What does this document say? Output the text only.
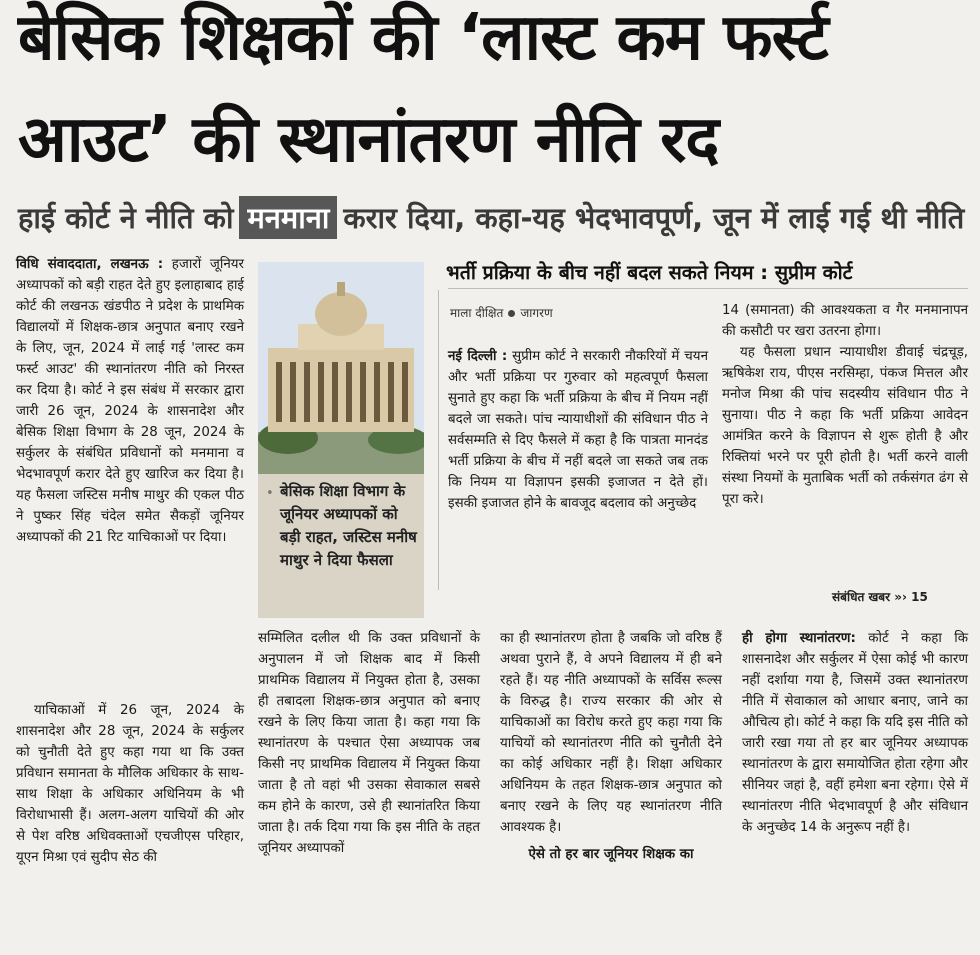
बेसिक शिक्षकों की ‘लास्ट कम फर्स्ट
आउट’ की स्थानांतरण नीति रद
हाई कोर्ट ने नीति को मनमाना करार दिया, कहा-यह भेदभावपूर्ण, जून में लाई गई थी नीति

विधि संवाददाता, लखनऊ : हजारों जूनियर अध्यापकों को बड़ी राहत देते हुए इलाहाबाद हाई कोर्ट की लखनऊ खंडपीठ ने प्रदेश के प्राथमिक विद्यालयों में शिक्षक-छात्र अनुपात बनाए रखने के लिए, जून, 2024 में लाई गई 'लास्ट कम फर्स्ट आउट' की स्थानांतरण नीति को निरस्त कर दिया है। कोर्ट ने इस संबंध में सरकार द्वारा जारी 26 जून, 2024 के शासनादेश और बेसिक शिक्षा विभाग के 28 जून, 2024 के सर्कुलर के संबंधित प्रविधानों को मनमाना व भेदभावपूर्ण करार देते हुए खारिज कर दिया है। यह फैसला जस्टिस मनीष माथुर की एकल पीठ ने पुष्कर सिंह चंदेल समेत सैकड़ों जूनियर अध्यापकों की 21 रिट याचिकाओं पर दिया।

याचिकाओं में 26 जून, 2024 के शासनादेश और 28 जून, 2024 के सर्कुलर को चुनौती देते हुए कहा गया था कि उक्त प्रविधान समानता के मौलिक अधिकार के साथ-साथ शिक्षा के अधिकार अधिनियम के भी विरोधाभासी हैं। अलग-अलग याचियों की ओर से पेश वरिष्ठ अधिवक्ताओं एचजीएस परिहार, यूएन मिश्रा एवं सुदीप सेठ की

• बेसिक शिक्षा विभाग के जूनियर अध्यापकों को बड़ी राहत, जस्टिस मनीष माथुर ने दिया फैसला
भर्ती प्रक्रिया के बीच नहीं बदल सकते नियम : सुप्रीम कोर्ट
माला दीक्षित जागरण

नई दिल्ली : सुप्रीम कोर्ट ने सरकारी नौकरियों में चयन और भर्ती प्रक्रिया पर गुरुवार को महत्वपूर्ण फैसला सुनाते हुए कहा कि भर्ती प्रक्रिया के बीच में नियम नहीं बदले जा सकते। पांच न्यायाधीशों की संविधान पीठ ने सर्वसम्मति से दिए फैसले में कहा है कि पात्रता मानदंड भर्ती प्रक्रिया के बीच में नहीं बदले जा सकते जब तक कि नियम या विज्ञापन इसकी इजाजत न देते हों। इसकी इजाजत होने के बावजूद बदलाव को अनुच्छेद

14 (समानता) की आवश्यकता व गैर मनमानापन की कसौटी पर खरा उतरना होगा।

यह फैसला प्रधान न्यायाधीश डीवाई चंद्रचूड़, ऋषिकेश राय, पीएस नरसिम्हा, पंकज मित्तल और मनोज मिश्रा की पांच सदस्यीय संविधान पीठ ने सुनाया। पीठ ने कहा कि भर्ती प्रक्रिया आवेदन आमंत्रित करने के विज्ञापन से शुरू होती है और रिक्तियां भरने पर पूरी होती है। भर्ती करने वाली संस्था नियमों के मुताबिक भर्ती को तर्कसंगत ढंग से पूरा करे।

संबंधित खबर »› 15

सम्मिलित दलील थी कि उक्त प्रविधानों के अनुपालन में जो शिक्षक बाद में किसी प्राथमिक विद्यालय में नियुक्त होता है, उसका ही तबादला शिक्षक-छात्र अनुपात को बनाए रखने के लिए किया जाता है। कहा गया कि स्थानांतरण के पश्चात ऐसा अध्यापक जब किसी नए प्राथमिक विद्यालय में नियुक्त किया जाता है तो वहां भी उसका सेवाकाल सबसे कम होने के कारण, उसे ही स्थानांतरित किया जाता है। तर्क दिया गया कि इस नीति के तहत जूनियर अध्यापकों

का ही स्थानांतरण होता है जबकि जो वरिष्ठ हैं अथवा पुराने हैं, वे अपने विद्यालय में ही बने रहते हैं। यह नीति अध्यापकों के सर्विस रूल्स के विरुद्ध है। राज्य सरकार की ओर से याचिकाओं का विरोध करते हुए कहा गया कि याचियों को स्थानांतरण नीति को चुनौती देने का कोई अधिकार नहीं है। शिक्षा अधिकार अधिनियम के तहत शिक्षक-छात्र अनुपात को बनाए रखने के लिए यह स्थानांतरण नीति आवश्यक है।

ऐसे तो हर बार जूनियर शिक्षक का

ही होगा स्थानांतरण: कोर्ट ने कहा कि शासनादेश और सर्कुलर में ऐसा कोई भी कारण नहीं दर्शाया गया है, जिसमें उक्त स्थानांतरण नीति में सेवाकाल को आधार बनाए, जाने का औचित्य हो। कोर्ट ने कहा कि यदि इस नीति को जारी रखा गया तो हर बार जूनियर अध्यापक स्थानांतरण के द्वारा समायोजित होता रहेगा और सीनियर जहां है, वहीं हमेशा बना रहेगा। ऐसे में स्थानांतरण नीति भेदभावपूर्ण है और संविधान के अनुच्छेद 14 के अनुरूप नहीं है।
